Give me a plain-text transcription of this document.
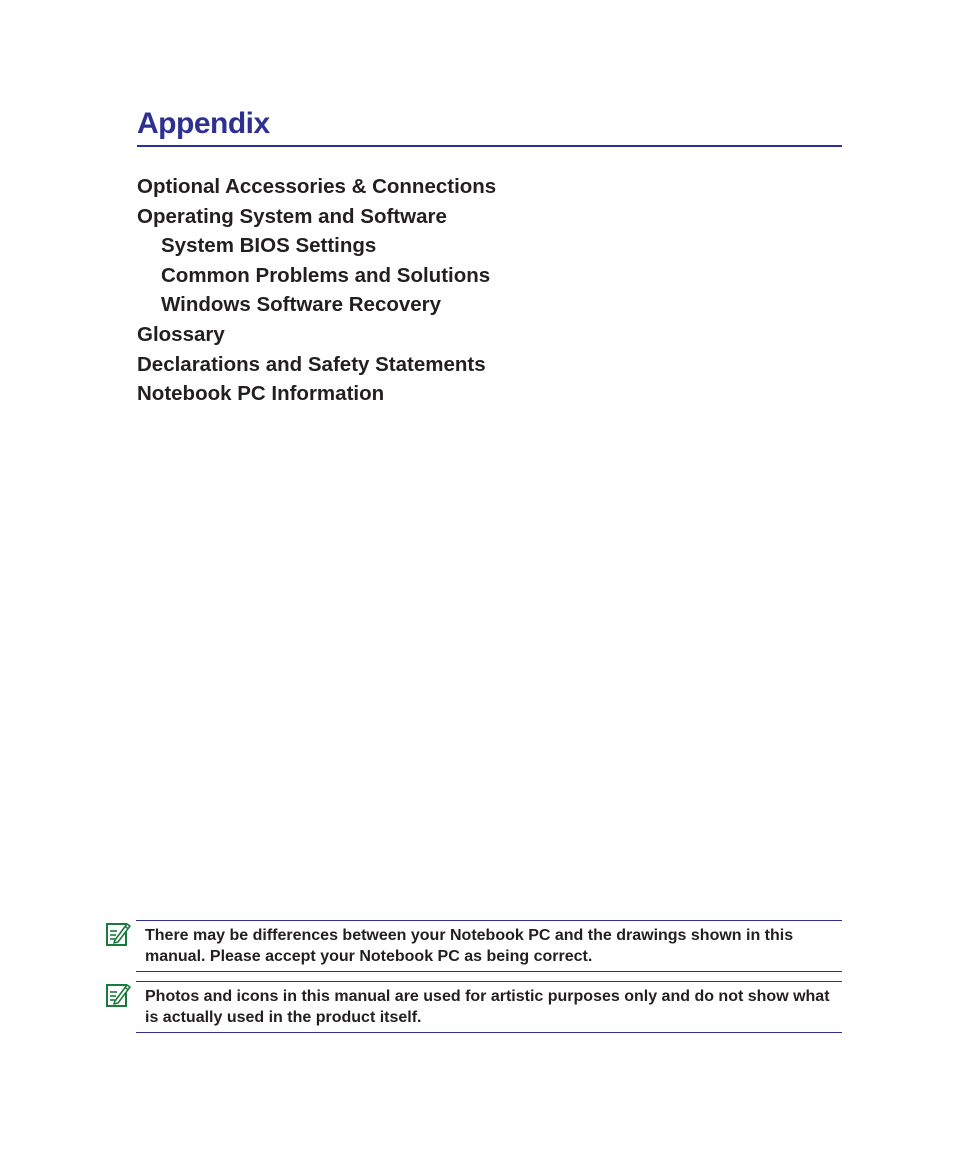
Appendix
Optional Accessories & Connections
Operating System and Software
System BIOS Settings
Common Problems and Solutions
Windows Software Recovery
Glossary
Declarations and Safety Statements
Notebook PC Information
There may be differences between your Notebook PC and the drawings shown in this manual. Please accept your Notebook PC as being correct.
Photos and icons in this manual are used for artistic purposes only and do not show what is actually used in the product itself.
